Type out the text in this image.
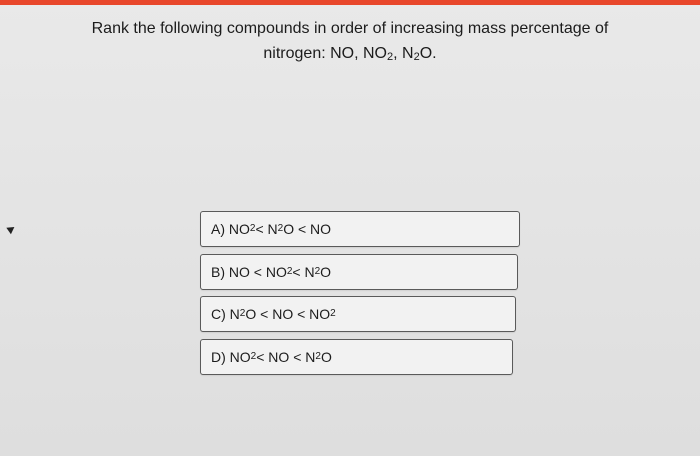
Rank the following compounds in order of increasing mass percentage of
nitrogen: NO, $NO_2$, $N_2O$.
A)
NO 2 < N 2 O < NO
B)
NO < NO 2 < N 2 O
C)
N 2 O < NO < NO 2
D)
NO 2 < NO < N 2 O
